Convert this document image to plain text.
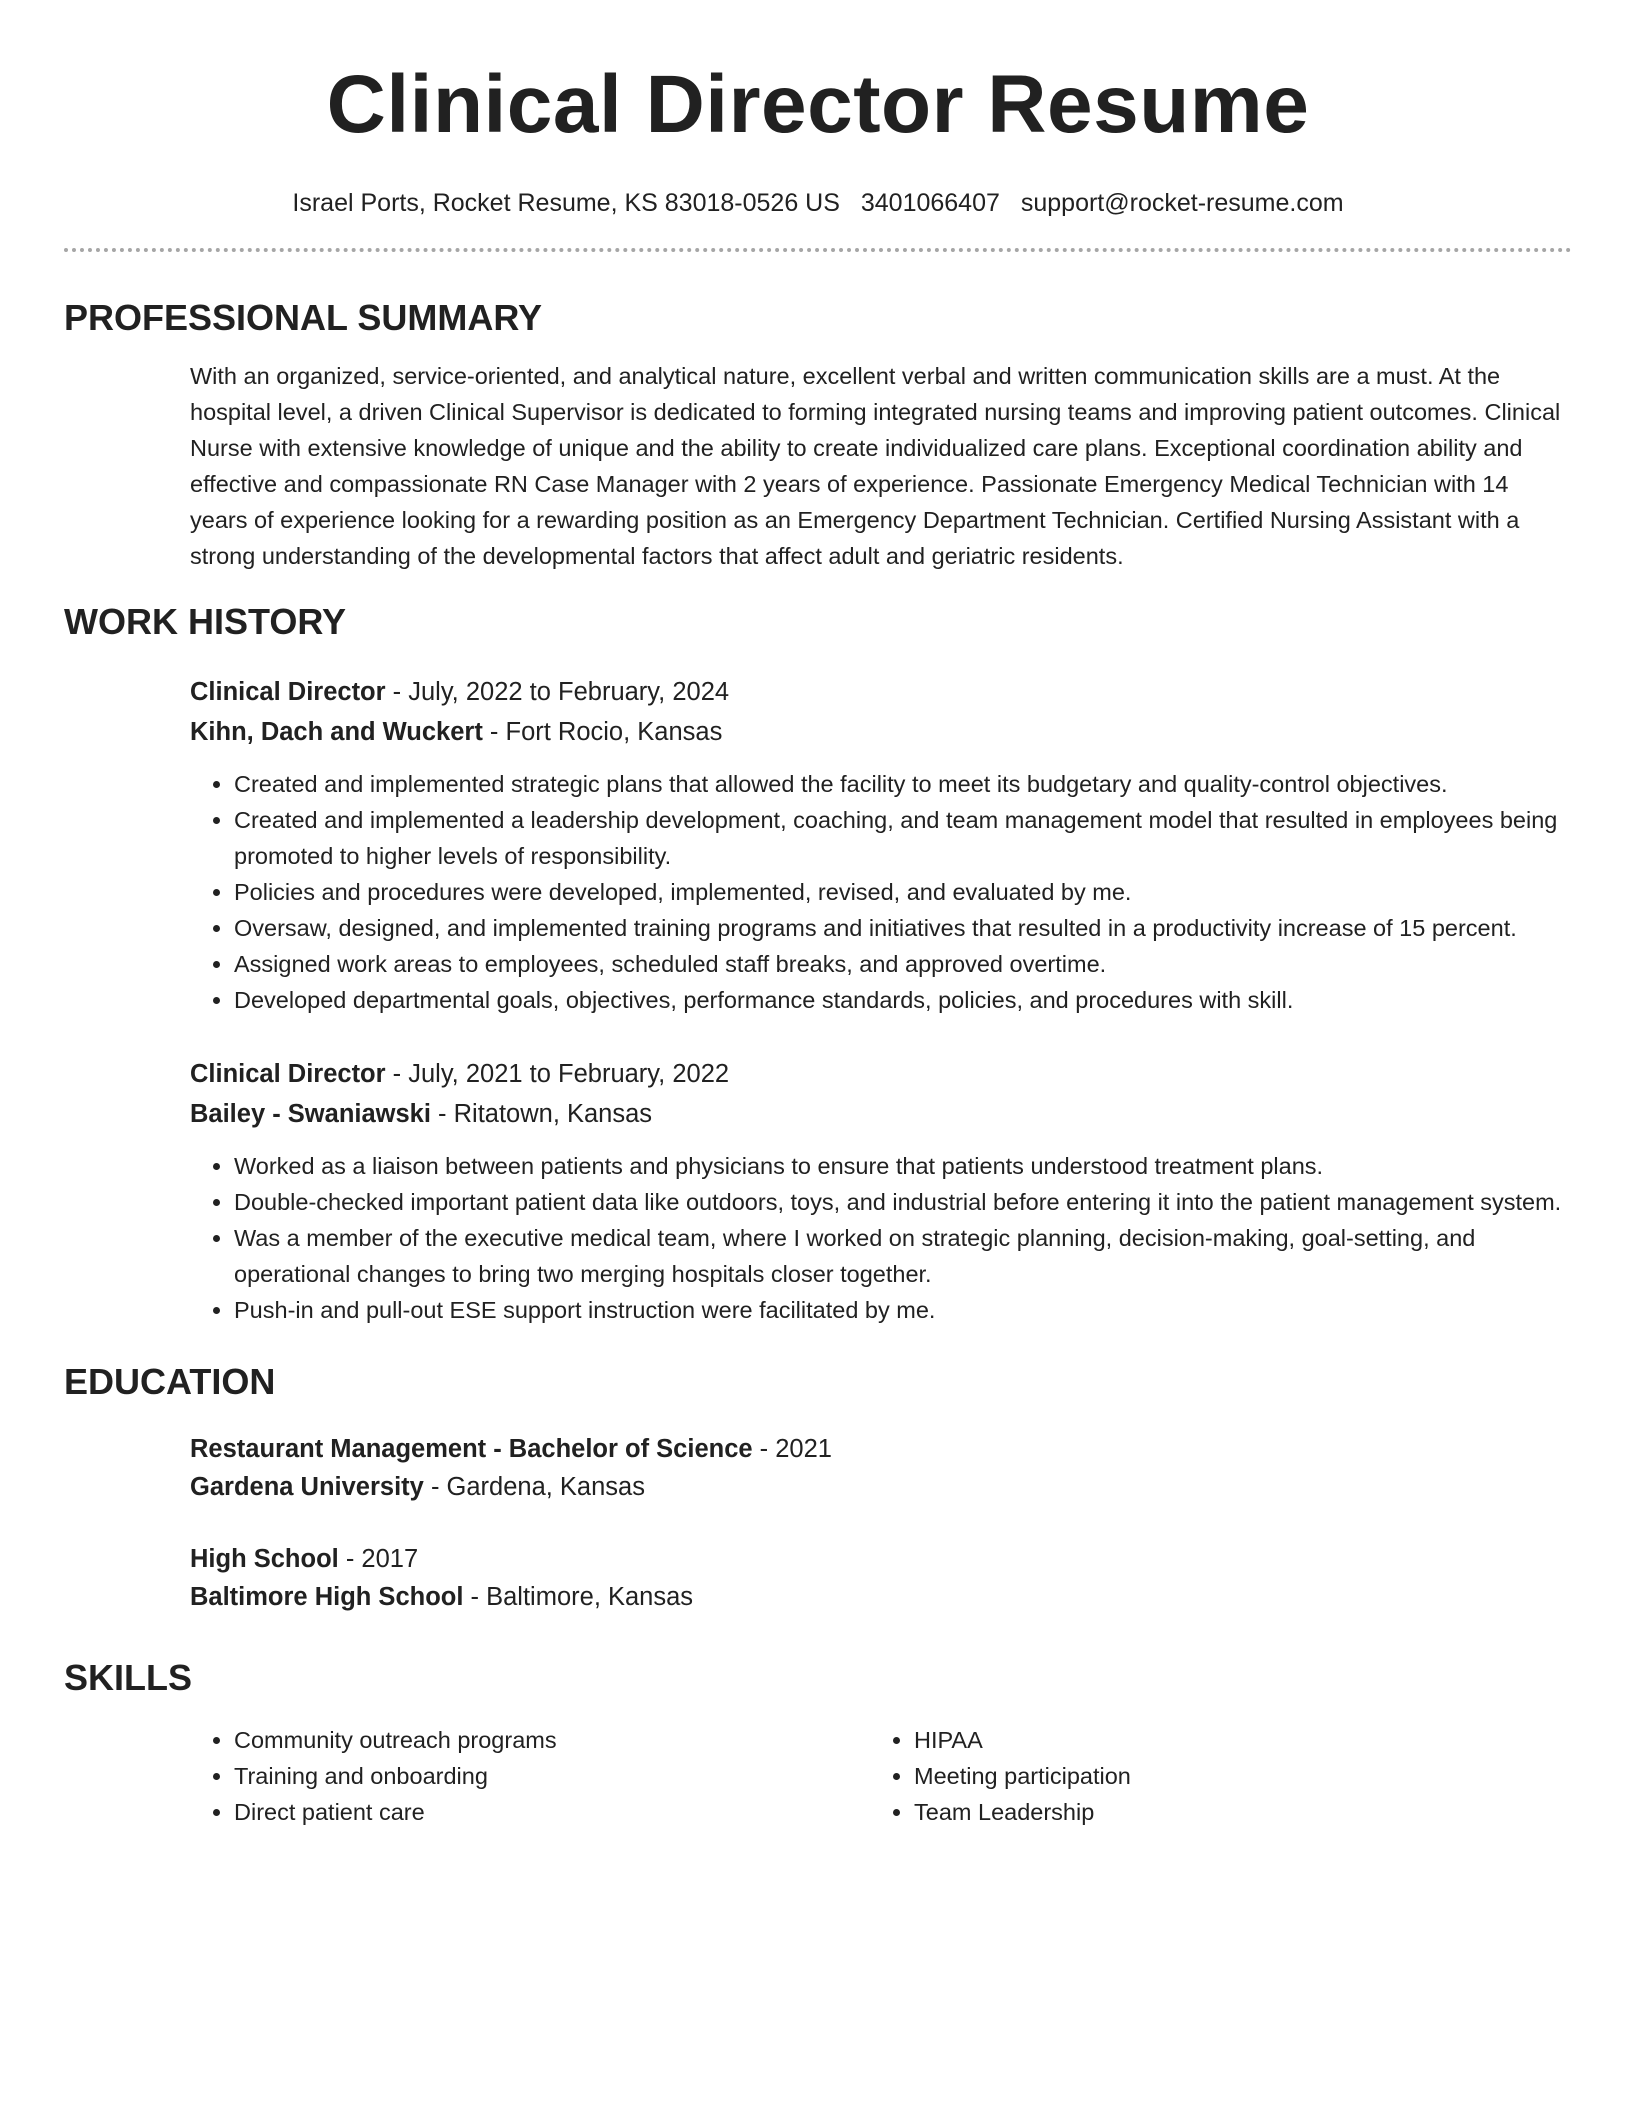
Clinical Director Resume
Israel Ports, Rocket Resume, KS 83018-0526 US 3401066407 support@rocket-resume.com
PROFESSIONAL SUMMARY

With an organized, service-oriented, and analytical nature, excellent verbal and written communication skills are a must. At the hospital level, a driven Clinical Supervisor is dedicated to forming integrated nursing teams and improving patient outcomes. Clinical Nurse with extensive knowledge of unique and the ability to create individualized care plans. Exceptional coordination ability and effective and compassionate RN Case Manager with 2 years of experience. Passionate Emergency Medical Technician with 14 years of experience looking for a rewarding position as an Emergency Department Technician. Certified Nursing Assistant with a strong understanding of the developmental factors that affect adult and geriatric residents.

WORK HISTORY
Clinical Director - July, 2022 to February, 2024
Kihn, Dach and Wuckert - Fort Rocio, Kansas
• Created and implemented strategic plans that allowed the facility to meet its budgetary and quality-control objectives.
• Created and implemented a leadership development, coaching, and team management model that resulted in employees being promoted to higher levels of responsibility.
• Policies and procedures were developed, implemented, revised, and evaluated by me.
• Oversaw, designed, and implemented training programs and initiatives that resulted in a productivity increase of 15 percent.
• Assigned work areas to employees, scheduled staff breaks, and approved overtime.
• Developed departmental goals, objectives, performance standards, policies, and procedures with skill.
Clinical Director - July, 2021 to February, 2022
Bailey - Swaniawski - Ritatown, Kansas
• Worked as a liaison between patients and physicians to ensure that patients understood treatment plans.
• Double-checked important patient data like outdoors, toys, and industrial before entering it into the patient management system.
• Was a member of the executive medical team, where I worked on strategic planning, decision-making, goal-setting, and operational changes to bring two merging hospitals closer together.
• Push-in and pull-out ESE support instruction were facilitated by me.
EDUCATION
Restaurant Management - Bachelor of Science - 2021
Gardena University - Gardena, Kansas
High School - 2017
Baltimore High School - Baltimore, Kansas
SKILLS
• Community outreach programs
• Training and onboarding
• Direct patient care
• HIPAA
• Meeting participation
• Team Leadership
